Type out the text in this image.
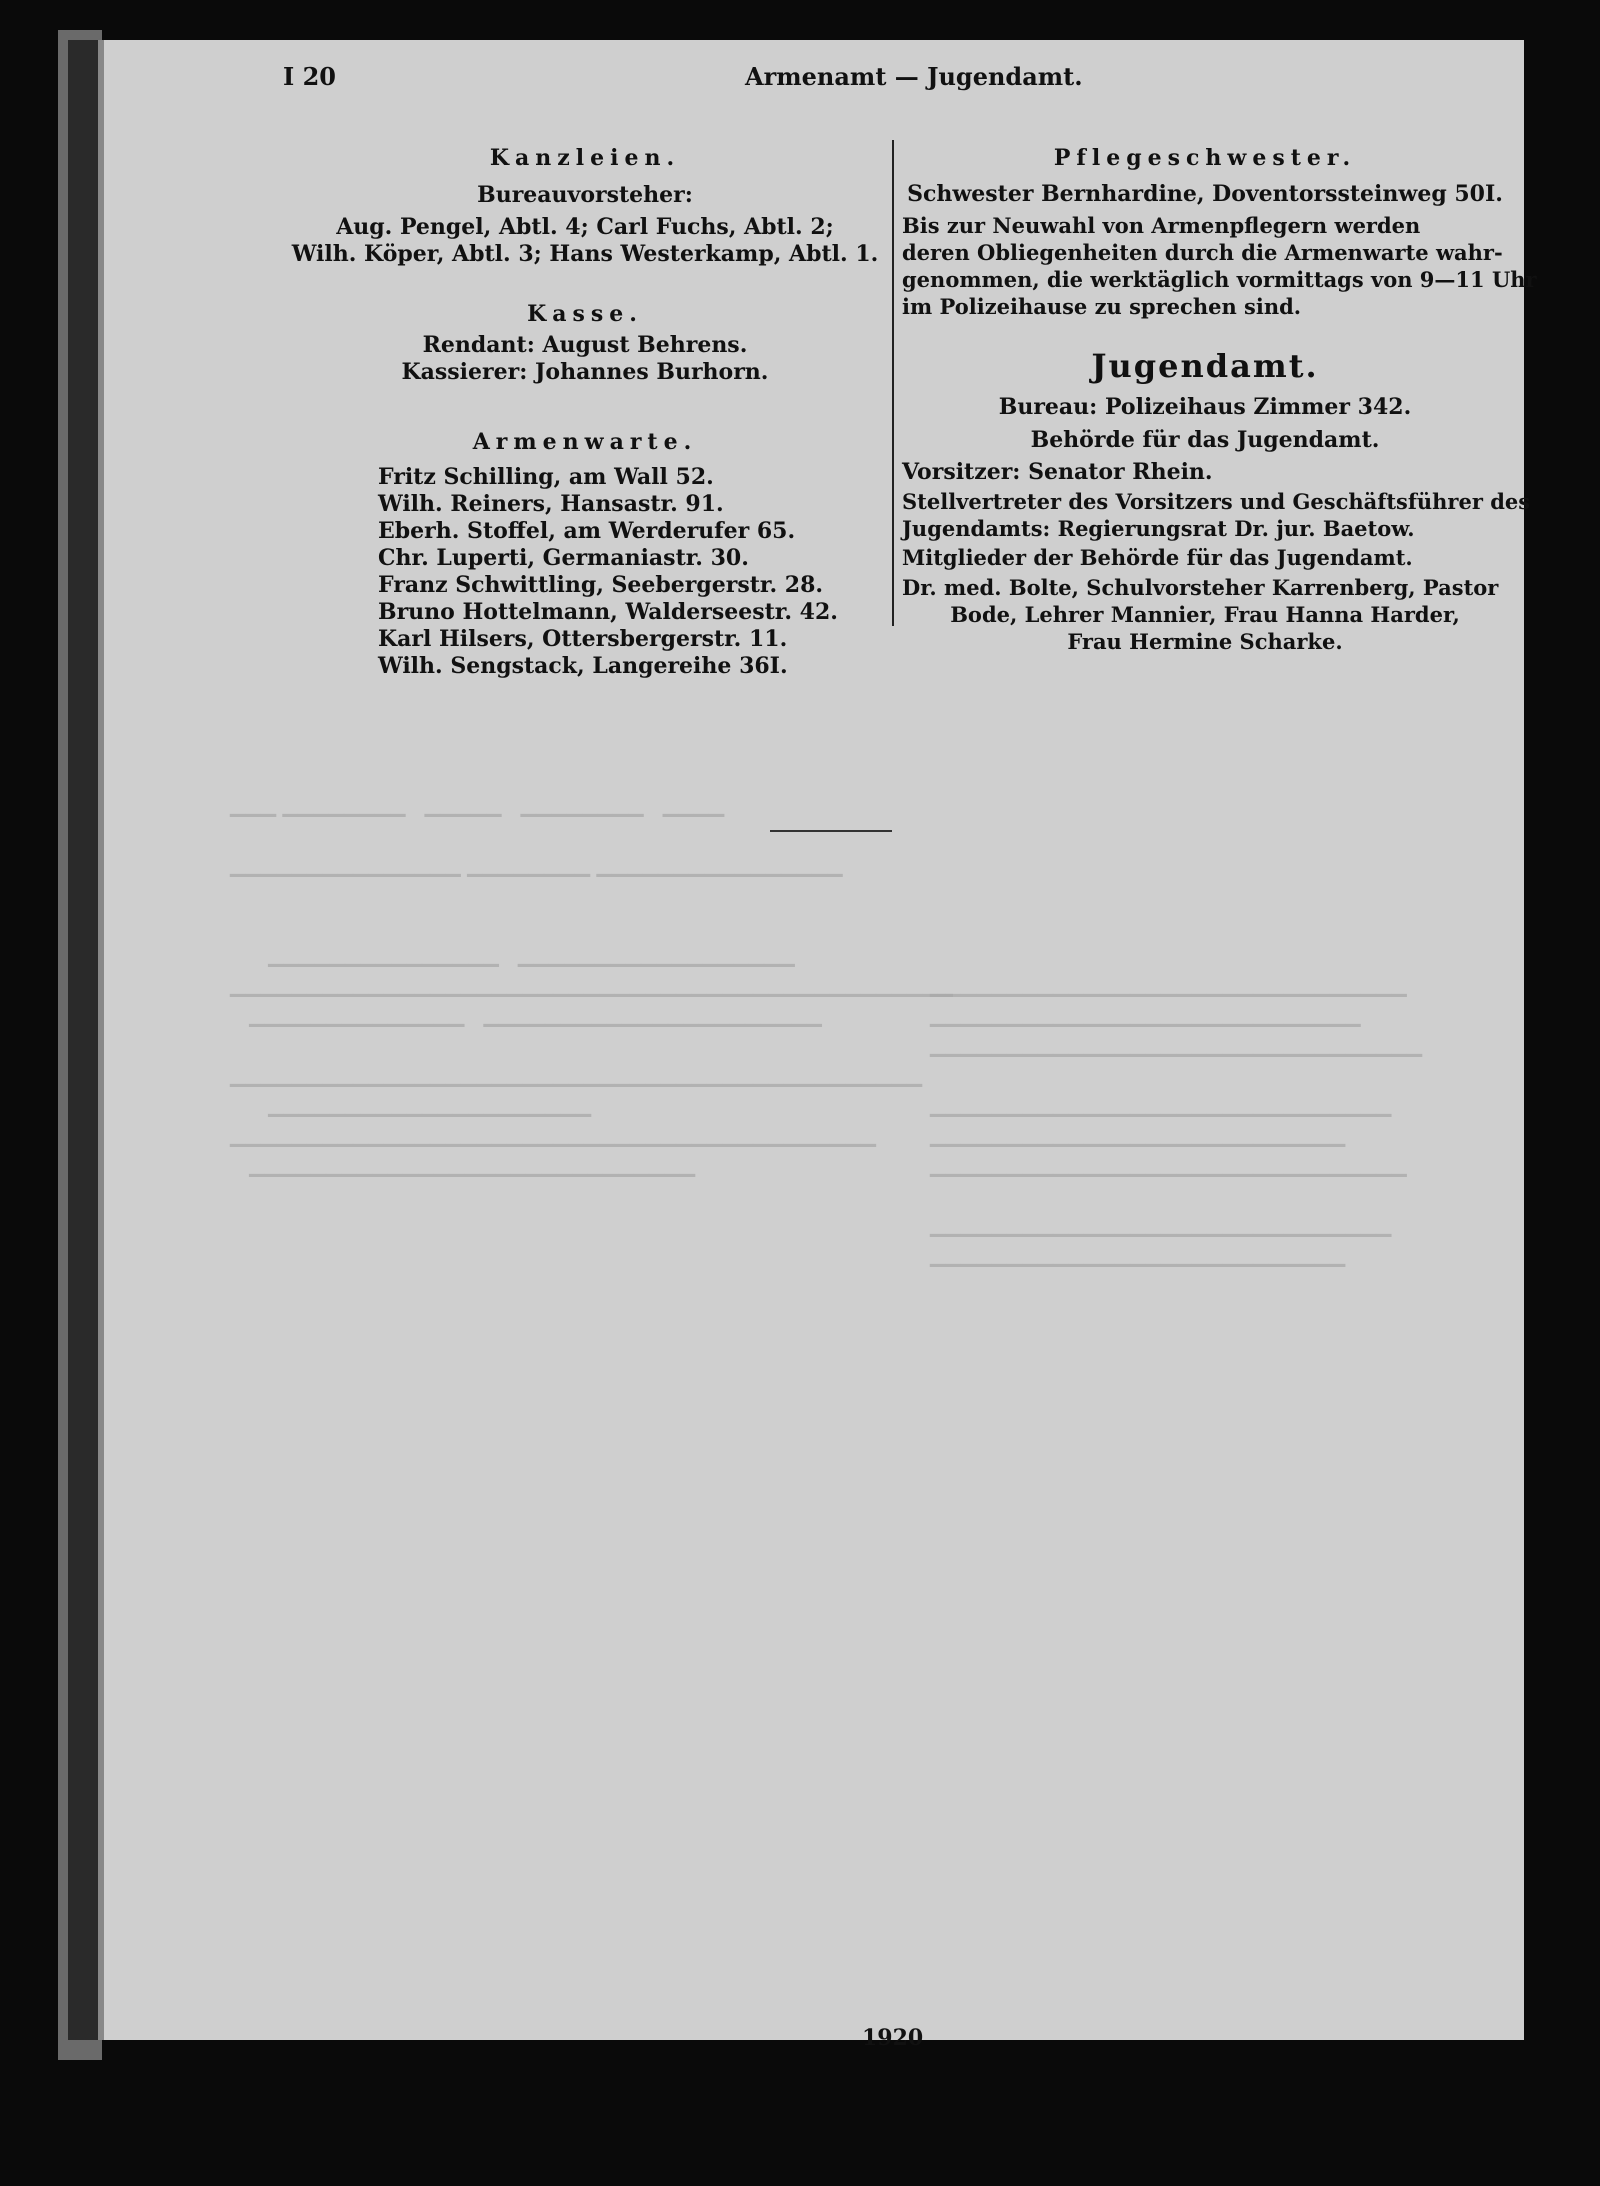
▁▁▁ ▁▁▁▁▁▁▁▁   ▁▁▁▁▁   ▁▁▁▁▁▁▁▁   ▁▁▁▁

▁▁▁▁▁▁▁▁▁▁▁▁▁▁▁ ▁▁▁▁▁▁▁▁ ▁▁▁▁▁▁▁▁▁▁▁▁▁▁▁▁

▁▁▁▁▁▁▁▁▁▁▁▁▁▁▁   ▁▁▁▁▁▁▁▁▁▁▁▁▁▁▁▁▁▁
▁▁▁▁▁▁▁▁▁▁▁▁▁▁▁▁▁▁▁▁▁▁▁▁▁▁▁▁▁▁▁▁▁▁▁▁▁▁▁▁▁▁▁▁▁▁▁
▁▁▁▁▁▁▁▁▁▁▁▁▁▁   ▁▁▁▁▁▁▁▁▁▁▁▁▁▁▁▁▁▁▁▁▁▁

▁▁▁▁▁▁▁▁▁▁▁▁▁▁▁▁▁▁▁▁▁▁▁▁▁▁▁▁▁▁▁▁▁▁▁▁▁▁▁▁▁▁▁▁▁
▁▁▁▁▁▁▁▁▁▁▁▁▁▁▁▁▁▁▁▁▁
▁▁▁▁▁▁▁▁▁▁▁▁▁▁▁▁▁▁▁▁▁▁▁▁▁▁▁▁▁▁▁▁▁▁▁▁▁▁▁▁▁▁
▁▁▁▁▁▁▁▁▁▁▁▁▁▁▁▁▁▁▁▁▁▁▁▁▁▁▁▁▁

▁▁▁▁▁▁▁▁▁▁▁▁▁▁▁▁▁▁▁▁▁▁▁▁▁▁▁▁▁▁▁
▁▁▁▁▁▁▁▁▁▁▁▁▁▁▁▁▁▁▁▁▁▁▁▁▁▁▁▁
▁▁▁▁▁▁▁▁▁▁▁▁▁▁▁▁▁▁▁▁▁▁▁▁▁▁▁▁▁▁▁▁

▁▁▁▁▁▁▁▁▁▁▁▁▁▁▁▁▁▁▁▁▁▁▁▁▁▁▁▁▁▁
▁▁▁▁▁▁▁▁▁▁▁▁▁▁▁▁▁▁▁▁▁▁▁▁▁▁▁
▁▁▁▁▁▁▁▁▁▁▁▁▁▁▁▁▁▁▁▁▁▁▁▁▁▁▁▁▁▁▁

▁▁▁▁▁▁▁▁▁▁▁▁▁▁▁▁▁▁▁▁▁▁▁▁▁▁▁▁▁▁
▁▁▁▁▁▁▁▁▁▁▁▁▁▁▁▁▁▁▁▁▁▁▁▁▁▁▁

I 20	Armenamt — Jugendamt.
Kanzleien.
Bureauvorsteher:
Aug. Pengel, Abtl. 4; Carl Fuchs, Abtl. 2;
Wilh. Köper, Abtl. 3; Hans Westerkamp, Abtl. 1.
Kasse.
Rendant: August Behrens.
Kassierer: Johannes Burhorn.
Armenwarte.
Fritz Schilling, am Wall 52.
Wilh. Reiners, Hansastr. 91.
Eberh. Stoffel, am Werderufer 65.
Chr. Luperti, Germaniastr. 30.
Franz Schwittling, Seebergerstr. 28.
Bruno Hottelmann, Walderseestr. 42.
Karl Hilsers, Ottersbergerstr. 11.
Wilh. Sengstack, Langereihe 36I.
Pflegeschwester.
Schwester Bernhardine, Doventorssteinweg 50I.
Bis zur Neuwahl von Armenpflegern werden
deren Obliegenheiten durch die Armenwarte wahr-
genommen, die werktäglich vormittags von 9—11 Uhr
im Polizeihause zu sprechen sind.
Jugendamt.
Bureau: Polizeihaus Zimmer 342.
Behörde für das Jugendamt.
Vorsitzer: Senator Rhein.
Stellvertreter des Vorsitzers und Geschäftsführer des
Jugendamts: Regierungsrat Dr. jur. Baetow.
Mitglieder der Behörde für das Jugendamt.
Dr. med. Bolte, Schulvorsteher Karrenberg, Pastor
Bode, Lehrer Mannier, Frau Hanna Harder,
Frau Hermine Scharke.
1920
